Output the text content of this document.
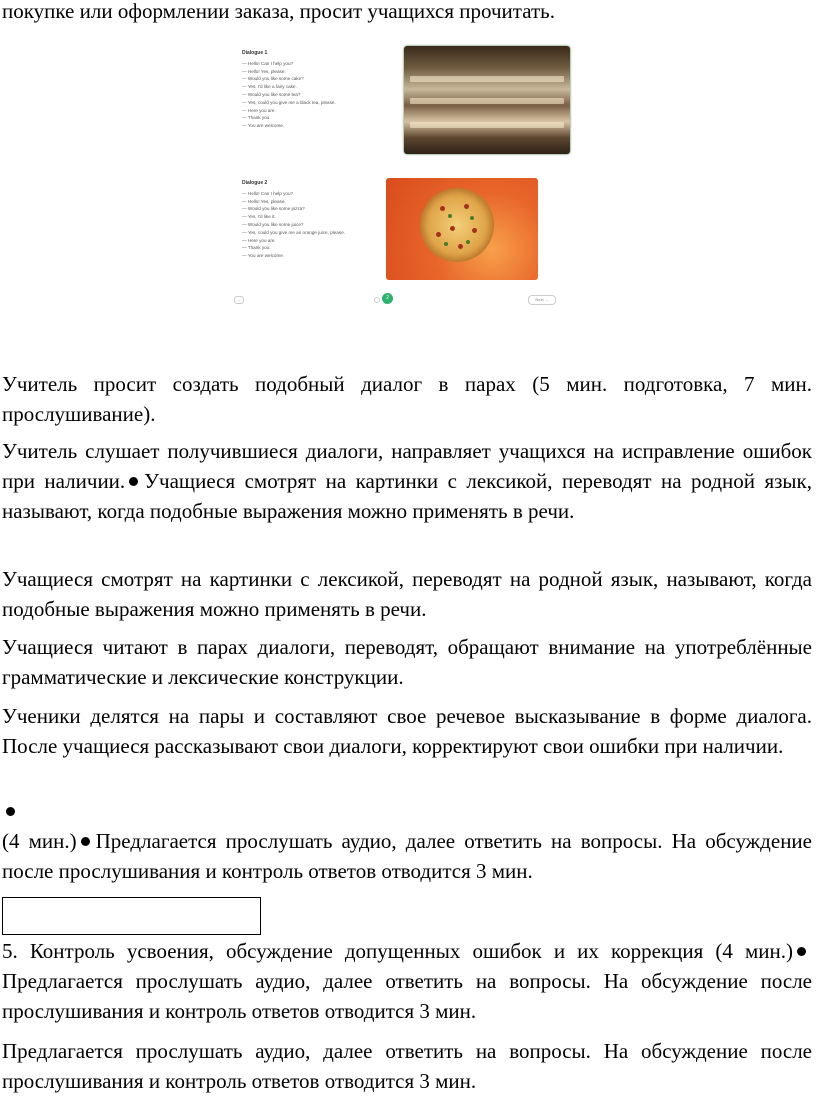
покупке или оформлении заказа, просит учащихся прочитать.

Dialogue 1
— Hello! Can I help you?
— Hello! Yes, please.
— Would you like some cake?
— Yes, I'd like a fairy cake.
— Would you like some tea?
— Yes, could you give me a black tea, please.
— Here you are.
— Thank you.
— You are welcome.
Dialogue 2
— Hello! Can I help you?
— Hello! Yes, please.
— Would you like some pizza?
— Yes, I'd like it.
— Would you like some juice?
— Yes, could you give me an orange juice, please.
— Here you are.
— Thank you.
— You are welcome.
←	2	Next →

Учитель просит создать подобный диалог в парах (5 мин. подготовка, 7 мин. прослушивание).

Учитель слушает получившиеся диалоги, направляет учащихся на исправление ошибок при наличии. Учащиеся смотрят на картинки с лексикой, переводят на родной язык, называют, когда подобные выражения можно применять в речи.

Учащиеся смотрят на картинки с лексикой, переводят на родной язык, называют, когда подобные выражения можно применять в речи.

Учащиеся читают в парах диалоги, переводят, обращают внимание на употреблённые грамматические и лексические конструкции.

Ученики делятся на пары и составляют свое речевое высказывание в форме диалога. После учащиеся рассказывают свои диалоги, корректируют свои ошибки при наличии.

(4 мин.) Предлагается прослушать аудио, далее ответить на вопросы. На обсуждение после прослушивания и контроль ответов отводится 3 мин.

5. Контроль усвоения, обсуждение допущенных ошибок и их коррекция (4 мин.)Предлагается прослушать аудио, далее ответить на вопросы. На обсуждение после прослушивания и контроль ответов отводится 3 мин.

Предлагается прослушать аудио, далее ответить на вопросы. На обсуждение после прослушивания и контроль ответов отводится 3 мин.
